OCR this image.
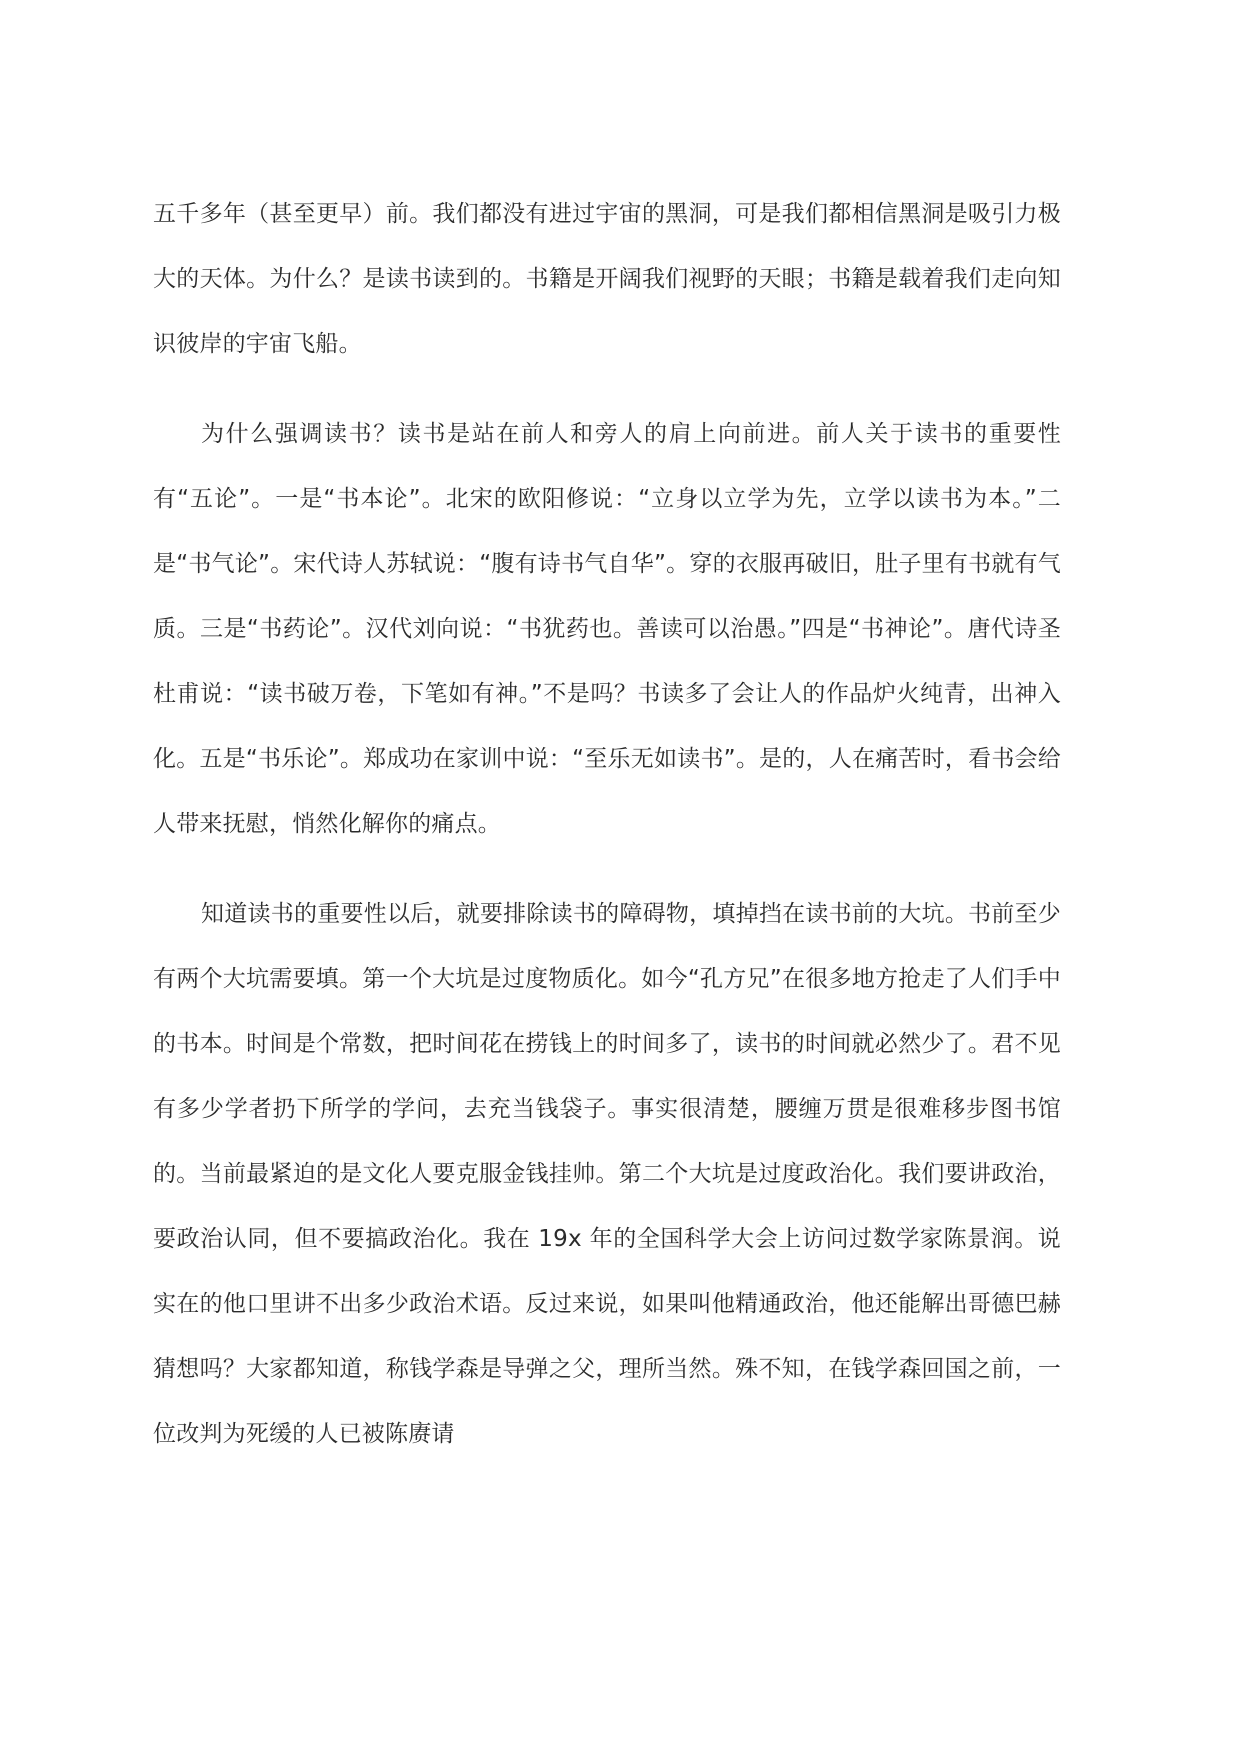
五千多年（甚至更早）前。我们都没有进过宇宙的黑洞，可是我们都相信黑洞是吸引力极大的天体。为什么？是读书读到的。书籍是开阔我们视野的天眼；书籍是载着我们走向知识彼岸的宇宙飞船。

为什么强调读书？读书是站在前人和旁人的肩上向前进。前人关于读书的重要性有“五论”。一是“书本论”。北宋的欧阳修说：“立身以立学为先，立学以读书为本。”二是“书气论”。宋代诗人苏轼说：“腹有诗书气自华”。穿的衣服再破旧，肚子里有书就有气质。三是“书药论”。汉代刘向说：“书犹药也。善读可以治愚。”四是“书神论”。唐代诗圣杜甫说：“读书破万卷，下笔如有神。”不是吗？书读多了会让人的作品炉火纯青，出神入化。五是“书乐论”。郑成功在家训中说：“至乐无如读书”。是的，人在痛苦时，看书会给人带来抚慰，悄然化解你的痛点。

知道读书的重要性以后，就要排除读书的障碍物，填掉挡在读书前的大坑。书前至少有两个大坑需要填。第一个大坑是过度物质化。如今“孔方兄”在很多地方抢走了人们手中的书本。时间是个常数，把时间花在捞钱上的时间多了，读书的时间就必然少了。君不见有多少学者扔下所学的学问，去充当钱袋子。事实很清楚，腰缠万贯是很难移步图书馆的。当前最紧迫的是文化人要克服金钱挂帅。第二个大坑是过度政治化。我们要讲政治，要政治认同，但不要搞政治化。我在 19x 年的全国科学大会上访问过数学家陈景润。说实在的他口里讲不出多少政治术语。反过来说，如果叫他精通政治，他还能解出哥德巴赫猜想吗？大家都知道，称钱学森是导弹之父，理所当然。殊不知，在钱学森回国之前，一位改判为死缓的人已被陈赓请
